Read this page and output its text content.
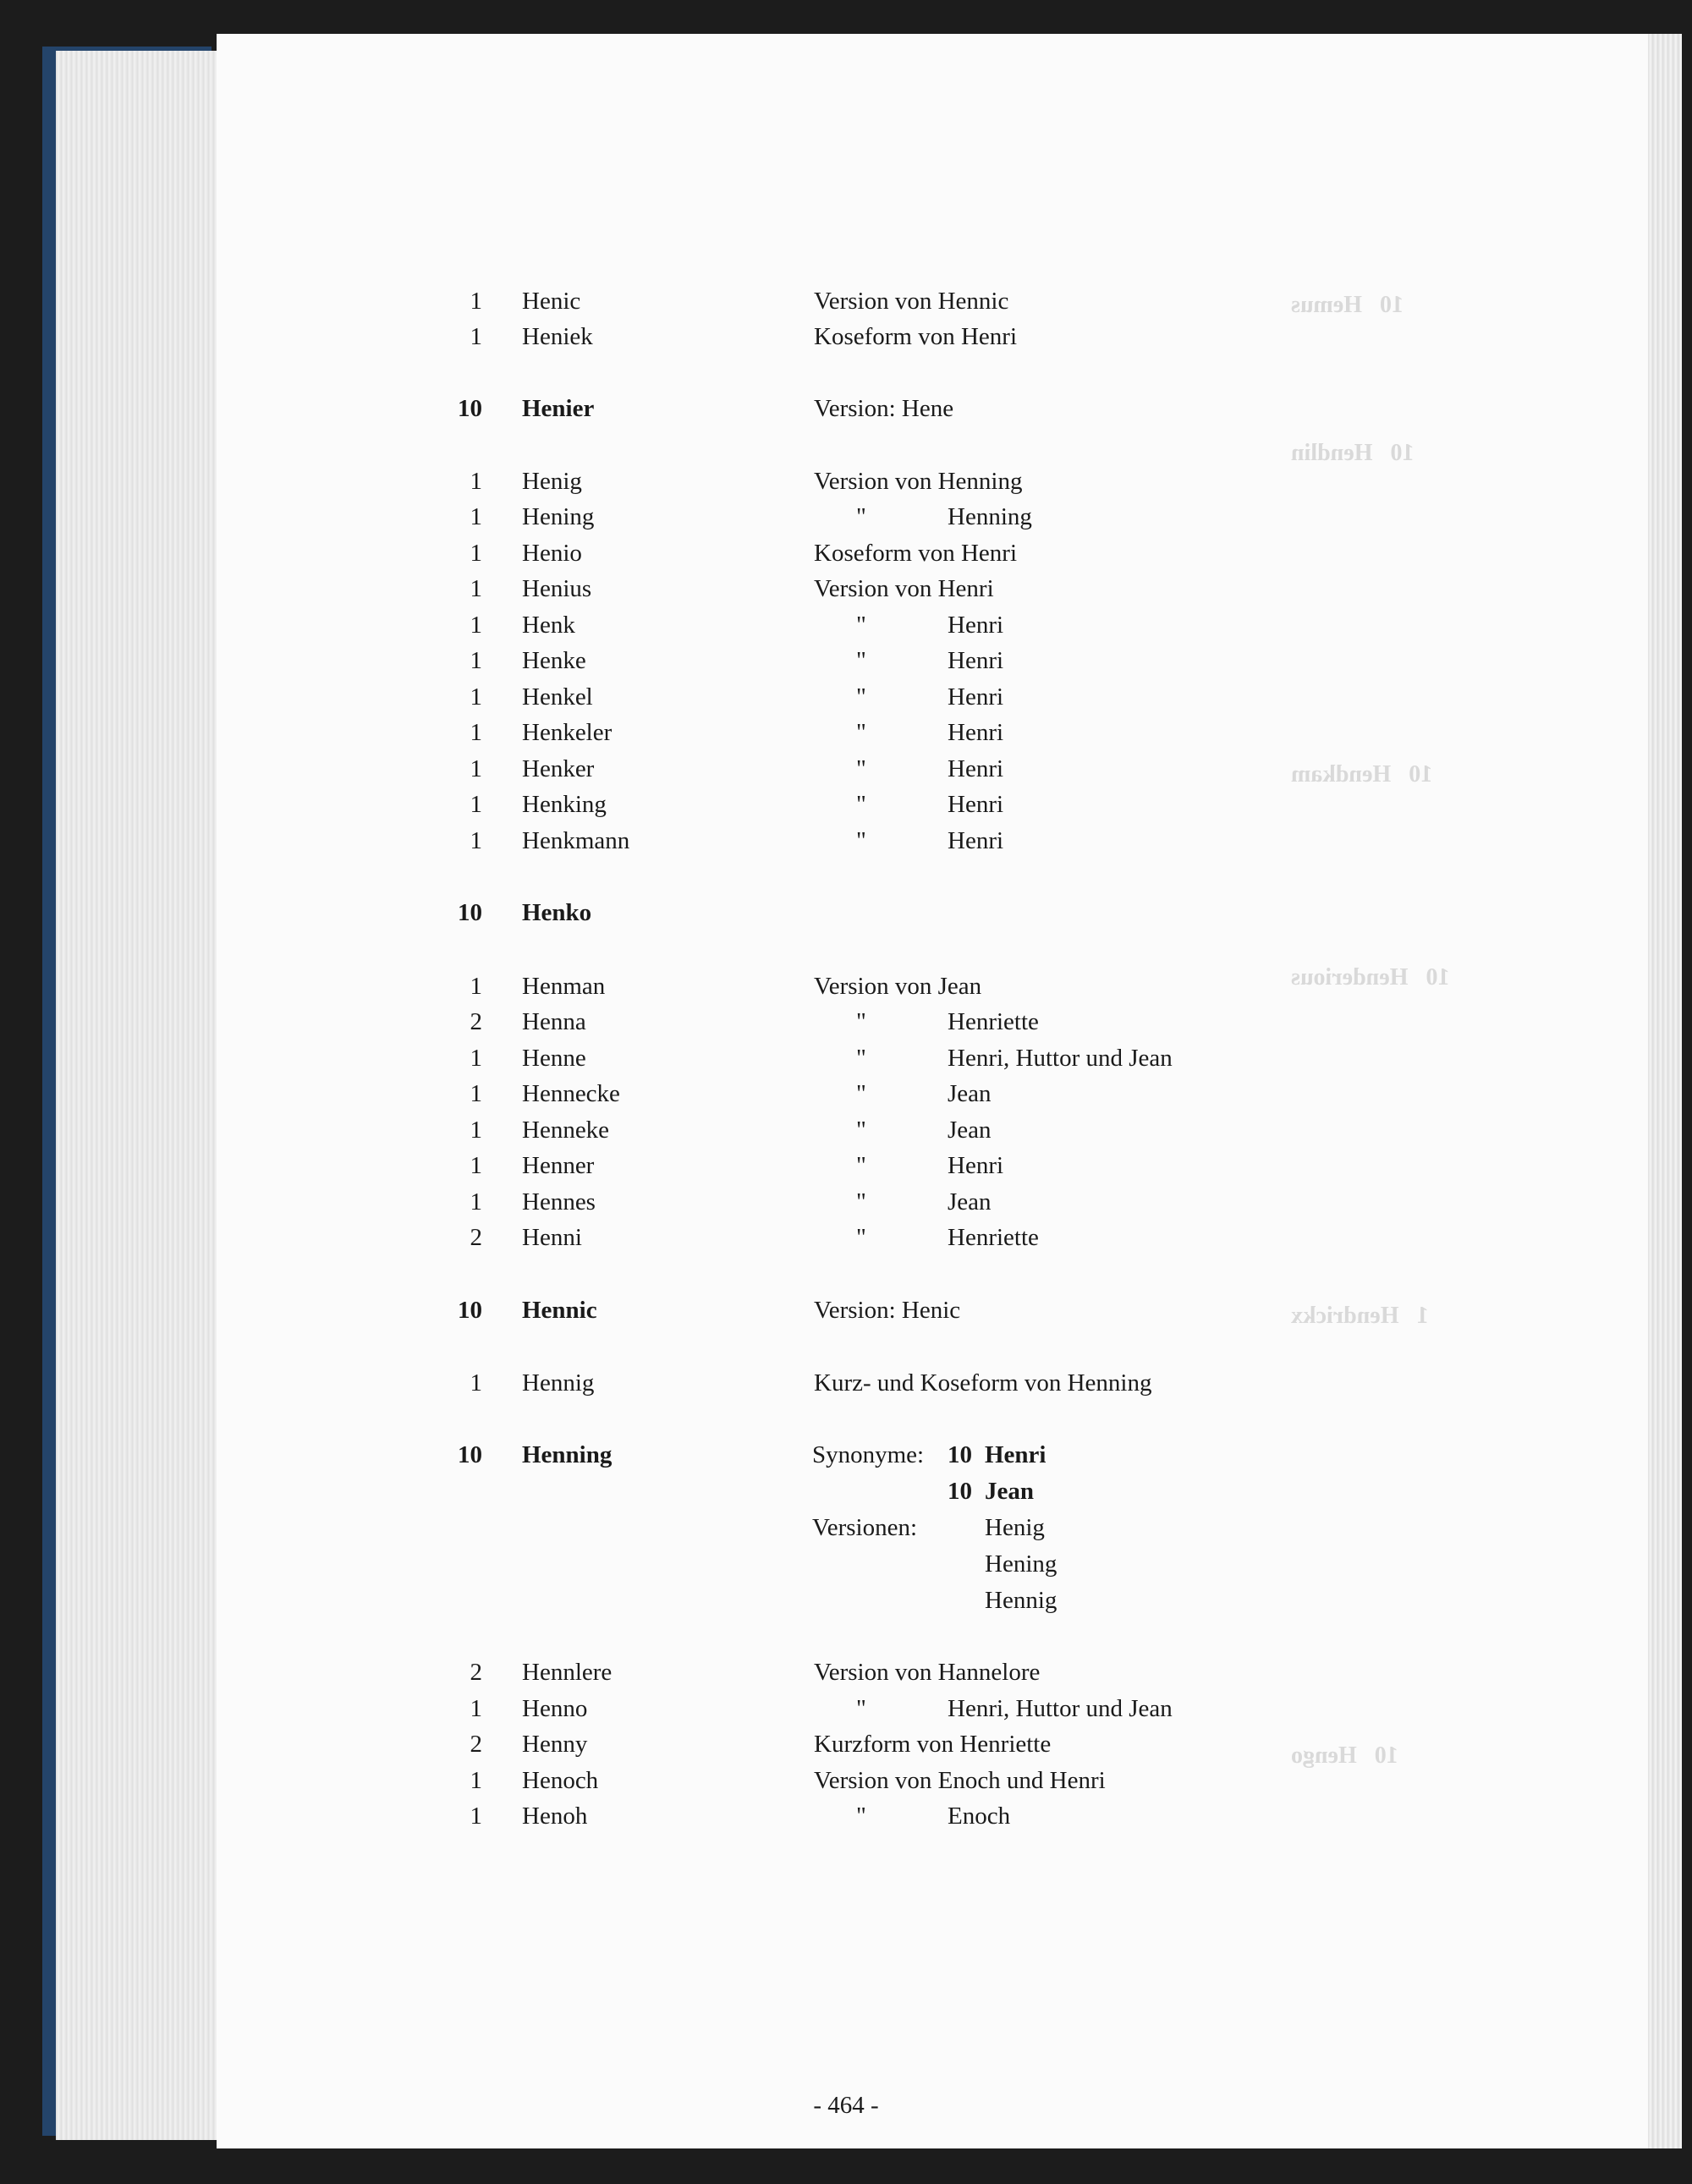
10   Hemus
10   Hendlin
10   Hendkam
10   Henderious
1   Hendrickx
10   Hengo
1 Henic	Version von Hennic
1 Heniek	Koseform von Henri
10 Henier	Version: Hene
1 Henig	Version von Henning
1 Hening	"	Henning
1 Henio	Koseform von Henri
1 Henius	Version von Henri
1 Henk	"	Henri
1 Henke	"	Henri
1 Henkel	"	Henri
1 Henkeler	"	Henri
1 Henker	"	Henri
1 Henking	"	Henri
1 Henkmann	"	Henri
10 Henko
1 Henman	Version von Jean
2 Henna	"	Henriette
1 Henne	"	Henri, Huttor und Jean
1 Hennecke	"	Jean
1 Henneke	"	Jean
1 Henner	"	Henri
1 Hennes	"	Jean
2 Henni	"	Henriette
10 Hennic	Version: Henic
1 Hennig	Kurz- und Koseform von Henning
10 Henning	Synonyme: 10 Henri
10 Jean
Versionen:	Henig
Hening
Hennig
2 Hennlere	Version von Hannelore
1 Henno	"	Henri, Huttor und Jean
2 Henny	Kurzform von Henriette
1 Henoch	Version von Enoch und Henri
1 Henoh	"	Enoch
- 464 -
